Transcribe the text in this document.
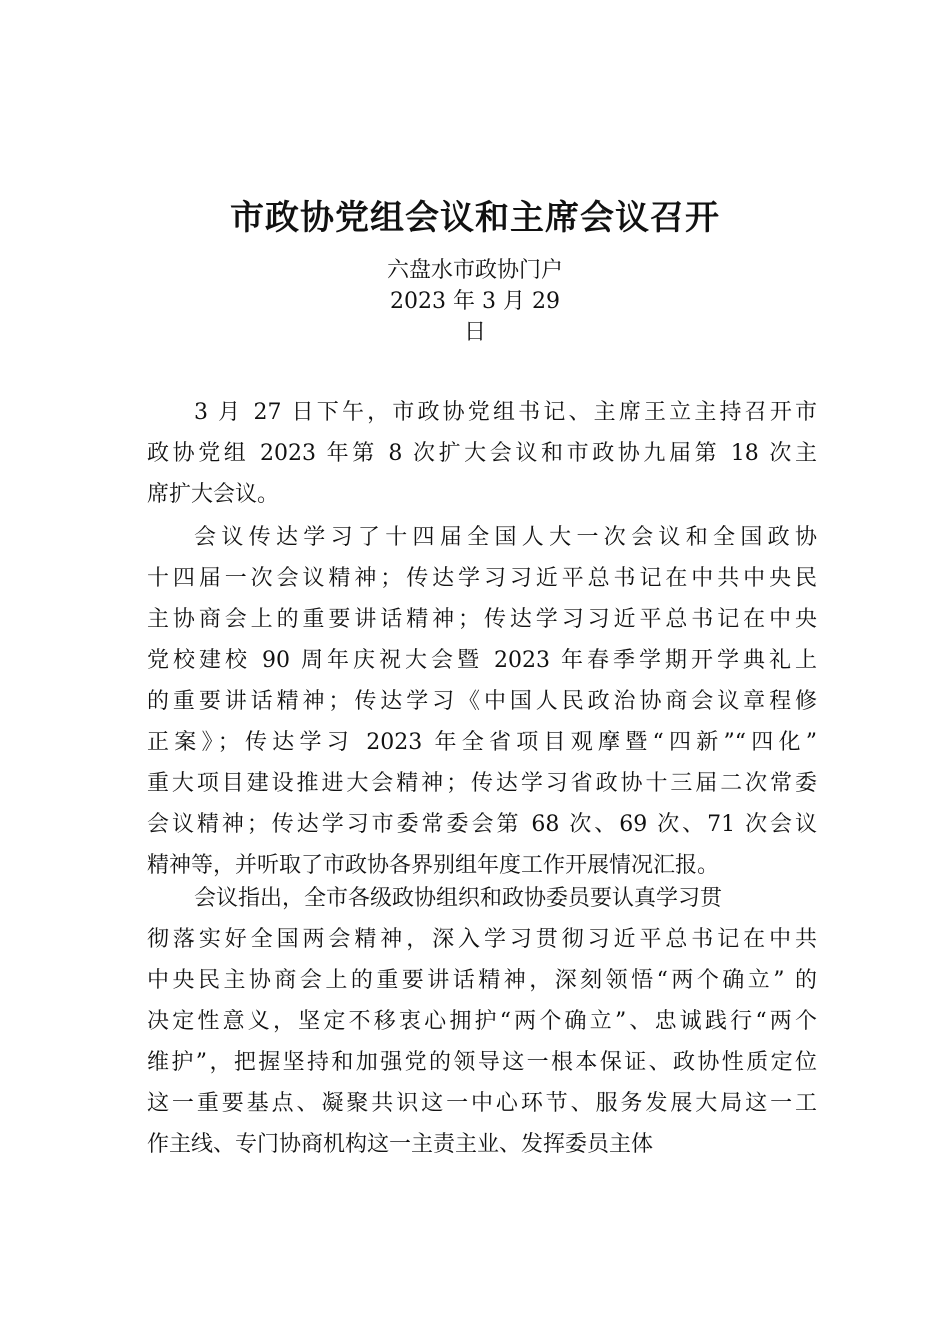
市政协党组会议和主席会议召开
六盘水市政协门户
2023 年 3 月 29
日
3 月 27 日下午，市政协党组书记、主席王立主持召开市
政协党组 2023 年第 8 次扩大会议和市政协九届第 18 次主
席扩大会议。
会议传达学习了十四届全国人大一次会议和全国政协
十四届一次会议精神；传达学习习近平总书记在中共中央民
主协商会上的重要讲话精神；传达学习习近平总书记在中央
党校建校 90 周年庆祝大会暨 2023 年春季学期开学典礼上
的重要讲话精神；传达学习《中国人民政治协商会议章程修
正案》；传达学习 2023 年全省项目观摩暨“四新”“四化”
重大项目建设推进大会精神；传达学习省政协十三届二次常委
会议精神；传达学习市委常委会第 68 次、69 次、71 次会议
精神等，并听取了市政协各界别组年度工作开展情况汇报。
会议指出，全市各级政协组织和政协委员要认真学习贯
彻落实好全国两会精神，深入学习贯彻习近平总书记在中共
中央民主协商会上的重要讲话精神，深刻领悟“两个确立” 的
决定性意义，坚定不移衷心拥护“两个确立”、忠诚践行“两个
维护”，把握坚持和加强党的领导这一根本保证、政协性质定位
这一重要基点、凝聚共识这一中心环节、服务发展大局这一工
作主线、专门协商机构这一主责主业、发挥委员主体
